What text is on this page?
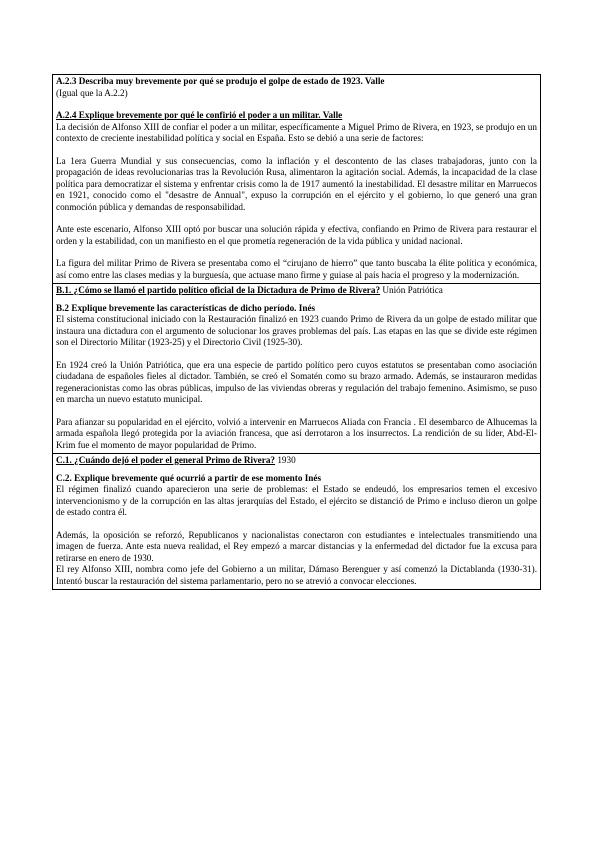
A.2.3 Describa muy brevemente por qué se produjo el golpe de estado de 1923. Valle

(Igual que la A.2.2)

A.2.4 Explique brevemente por qué le confirió el poder a un militar. Valle

La decisión de Alfonso XIII de confiar el poder a un militar, específicamente a Miguel Primo de Rivera, en 1923, se produjo en un contexto de creciente inestabilidad política y social en España. Esto se debió a una serie de factores:

La 1era Guerra Mundial y sus consecuencias, como la inflación y el descontento de las clases trabajadoras, junto con la propagación de ideas revolucionarias tras la Revolución Rusa, alimentaron la agitación social. Además, la incapacidad de la clase política para democratizar el sistema y enfrentar crisis como la de 1917 aumentó la inestabilidad. El desastre militar en Marruecos en 1921, conocido como el "desastre de Annual", expuso la corrupción en el ejército y el gobierno, lo que generó una gran conmoción pública y demandas de responsabilidad.

Ante este escenario, Alfonso XIII optó por buscar una solución rápida y efectiva, confiando en Primo de Rivera para restaurar el orden y la estabilidad, con un manifiesto en el que prometía regeneración de la vida pública y unidad nacional.

La figura del militar Primo de Rivera se presentaba como el “cirujano de hierro” que tanto buscaba la élite política y económica, así como entre las clases medias y la burguesía, que actuase mano firme y guiase al país hacia el progreso y la modernización.

B.1. ¿Cómo se llamó el partido político oficial de la Dictadura de Primo de Rivera? Unión Patriótica

B.2 Explique brevemente las características de dicho período. Inés

El sistema constitucional iniciado con la Restauración finalizó en 1923 cuando Primo de Rivera da un golpe de estado militar que instaura una dictadura con el argumento de solucionar los graves problemas del país. Las etapas en las que se divide este régimen son el Directorio Militar (1923-25) y el Directorio Civil (1925-30).

En 1924 creó la Unión Patriótica, que era una especie de partido político pero cuyos estatutos se presentaban como asociación ciudadana de españoles fieles al dictador. También, se creó el Somatén como su brazo armado. Además, se instauraron medidas regeneracionistas como las obras públicas, impulso de las viviendas obreras y regulación del trabajo femenino. Asimismo, se puso en marcha un nuevo estatuto municipal.

Para afianzar su popularidad en el ejército, volvió a intervenir en Marruecos Aliada con Francia . El desembarco de Alhucemas la armada española llegó protegida por la aviación francesa, que así derrotaron a los insurrectos. La rendición de su líder, Abd-El-Krim fue el momento de mayor popularidad de Primo.

C.1. ¿Cuándo dejó el poder el general Primo de Rivera? 1930

C.2. Explique brevemente qué ocurrió a partir de ese momento Inés

El régimen finalizó cuando aparecieron una serie de problemas: el Estado se endeudó, los empresarios temen el excesivo intervencionismo y de la corrupción en las altas jerarquías del Estado, el ejército se distanció de Primo e incluso dieron un golpe de estado contra él.

Además, la oposición se reforzó, Republicanos y nacionalistas conectaron con estudiantes e intelectuales transmitiendo una imagen de fuerza. Ante esta nueva realidad, el Rey empezó a marcar distancias y la enfermedad del dictador fue la excusa para retirarse en enero de 1930.

El rey Alfonso XIII, nombra como jefe del Gobierno a un militar, Dámaso Berenguer y así comenzó la Dictablanda (1930-31). Intentó buscar la restauración del sistema parlamentario, pero no se atrevió a convocar elecciones.
